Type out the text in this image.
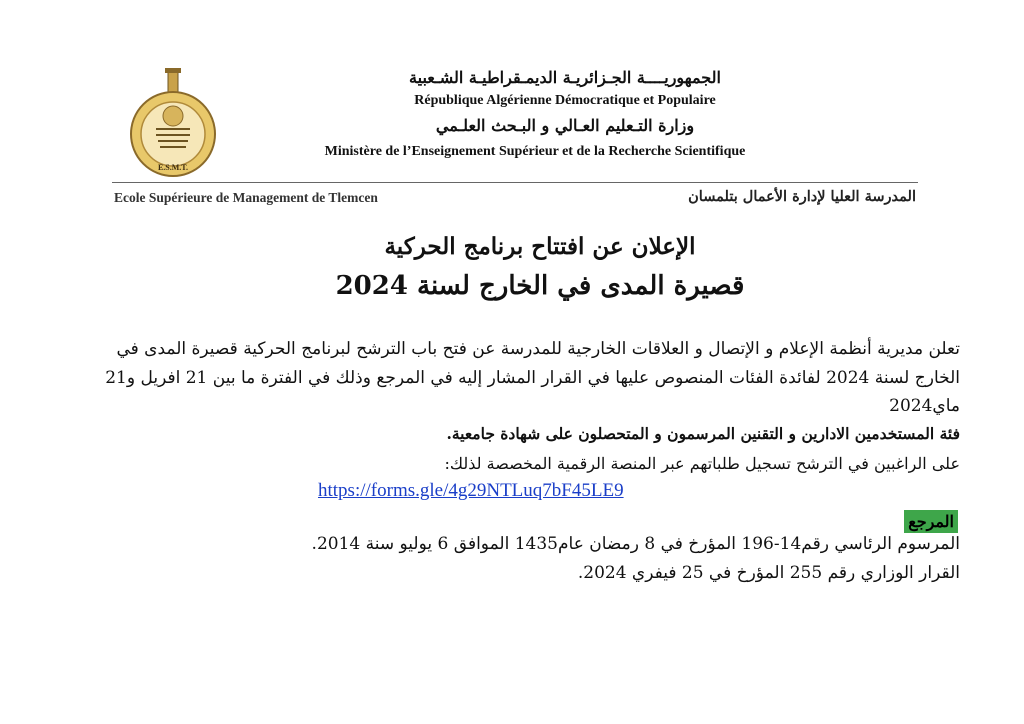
E.S.M.T.
الجمهوريــــة الجـزائريـة الديمـقراطيـة الشـعبية
République Algérienne Démocratique et Populaire
وزارة التـعليم العـالي و البـحث العلـمي
Ministère de l’Enseignement Supérieur et de la Recherche Scientifique
Ecole Supérieure de Management de Tlemcen	المدرسة العليا لإدارة الأعمال بتلمسان
الإعلان عن افتتاح برنامج الحركية
قصيرة المدى في الخارج لسنة 2024
تعلن مديرية أنظمة الإعلام و الإتصال و العلاقات الخارجية للمدرسة عن فتح باب الترشح لبرنامج الحركية قصيرة المدى في
الخارج لسنة 2024 لفائدة الفئات المنصوص عليها في القرار المشار إليه في المرجع وذلك في الفترة ما بين 21 افريل و21
ماي2024
فئة المستخدمين الادارين و التقنين المرسمون و المتحصلون على شهادة جامعية.
على الراغبين في الترشح تسجيل طلباتهم عبر المنصة الرقمية المخصصة لذلك:
https://forms.gle/4g29NTLuq7bF45LE9
المرجع
المرسوم الرئاسي رقم14-196 المؤرخ في 8 رمضان عام1435 الموافق 6 يوليو سنة 2014.
القرار الوزاري رقم 255 المؤرخ في 25 فيفري 2024.
